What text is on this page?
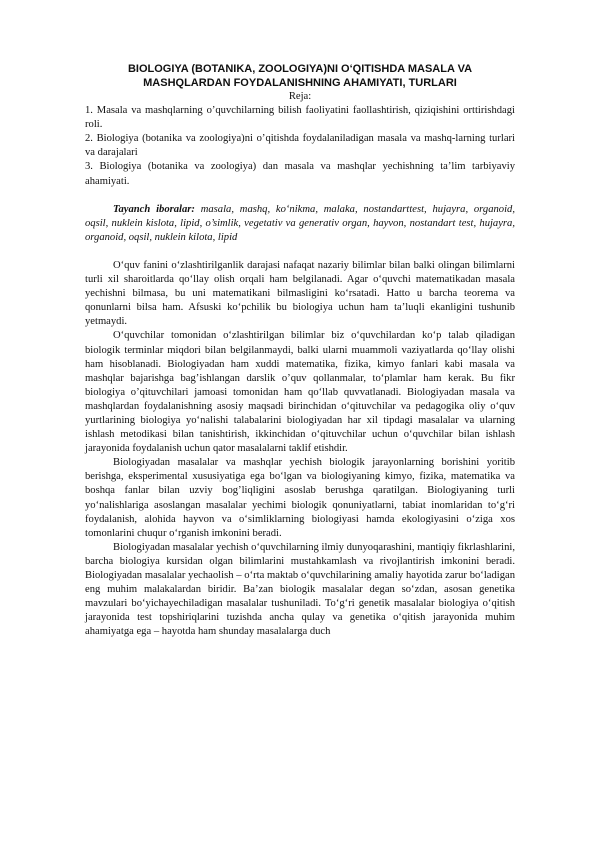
BIOLOGIYA (BOTANIKA, ZOOLOGIYA)NI O‘QITISHDA MASALA VA
MASHQLARDAN FOYDALANISHNING AHAMIYATI, TURLARI

Reja:

1. Masala va mashqlarning o’quvchilarning bilish faoliyatini faollashtirish, qiziqishini orttirishdagi roli.
2. Biologiya (botanika va zoologiya)ni o’qitishda foydalaniladigan masala va mashq-larning turlari va darajalari
3. Biologiya (botanika va zoologiya) dan masala va mashqlar yechishning ta’lim tarbiyaviy ahamiyati.

Tayanch iboralar: masala, mashq, ko‘nikma, malaka, nostandarttest, hujayra, organoid, oqsil, nuklein kislota, lipid, o’simlik, vegetativ va generativ organ, hayvon, nostandart test, hujayra, organoid, oqsil, nuklein kilota, lipid

O‘quv fanini o‘zlashtirilganlik darajasi nafaqat nazariy bilimlar bilan balki olingan bilimlarni turli xil sharoitlarda qo‘llay olish orqali ham belgilanadi. Agar o‘quvchi matematikadan masala yechishni bilmasa, bu uni matematikani bilmasligini ko‘rsatadi. Hatto u barcha teorema va qonunlarni bilsa ham. Afsuski ko‘pchilik bu biologiya uchun ham ta’luqli ekanligini tushunib yetmaydi.

O‘quvchilar tomonidan o‘zlashtirilgan bilimlar biz o‘quvchilardan ko‘p talab qiladigan biologik terminlar miqdori bilan belgilanmaydi, balki ularni muammoli vaziyatlarda qo‘llay olishi ham hisoblanadi. Biologiyadan ham xuddi matematika, fizika, kimyo fanlari kabi masala va mashqlar bajarishga bag’ishlangan darslik o’quv qollanmalar, to‘plamlar ham kerak. Bu fikr biologiya o’qituvchilari jamoasi tomonidan ham qo‘llab quvvatlanadi. Biologiyadan masala va mashqlardan foydalanishning asosiy maqsadi birinchidan o‘qituvchilar va pedagogika oliy o‘quv yurtlarining biologiya yo‘nalishi talabalarini biologiyadan har xil tipdagi masalalar va ularning ishlash metodikasi bilan tanishtirish, ikkinchidan o‘qituvchilar uchun o‘quvchilar bilan ishlash jarayonida foydalanish uchun qator masalalarni taklif etishdir.

Biologiyadan masalalar va mashqlar yechish biologik jarayonlarning borishini yoritib berishga, eksperimental xususiyatiga ega bo‘lgan va biologiyaning kimyo, fizika, matematika va boshqa fanlar bilan uzviy bog’liqligini asoslab berushga qaratilgan. Biologiyaning turli yo‘nalishlariga asoslangan masalalar yechimi biologik qonuniyatlarni, tabiat inomlaridan to‘g‘ri foydalanish, alohida hayvon va o‘simliklarning biologiyasi hamda ekologiyasini o‘ziga xos tomonlarini chuqur o‘rganish imkonini beradi.

Biologiyadan masalalar yechish o‘quvchilarning ilmiy dunyoqarashini, mantiqiy fikrlashlarini, barcha biologiya kursidan olgan bilimlarini mustahkamlash va rivojlantirish imkonini beradi. Biologiyadan masalalar yechaolish – o‘rta maktab o‘quvchilarining amaliy hayotida zarur bo‘ladigan eng muhim malakalardan biridir. Ba’zan biologik masalalar degan so‘zdan, asosan genetika mavzulari bo‘yichayechiladigan masalalar tushuniladi. To‘g‘ri genetik masalalar biologiya o‘qitish jarayonida test topshiriqlarini tuzishda ancha qulay va genetika o‘qitish jarayonida muhim ahamiyatga ega – hayotda ham shunday masalalarga duch
